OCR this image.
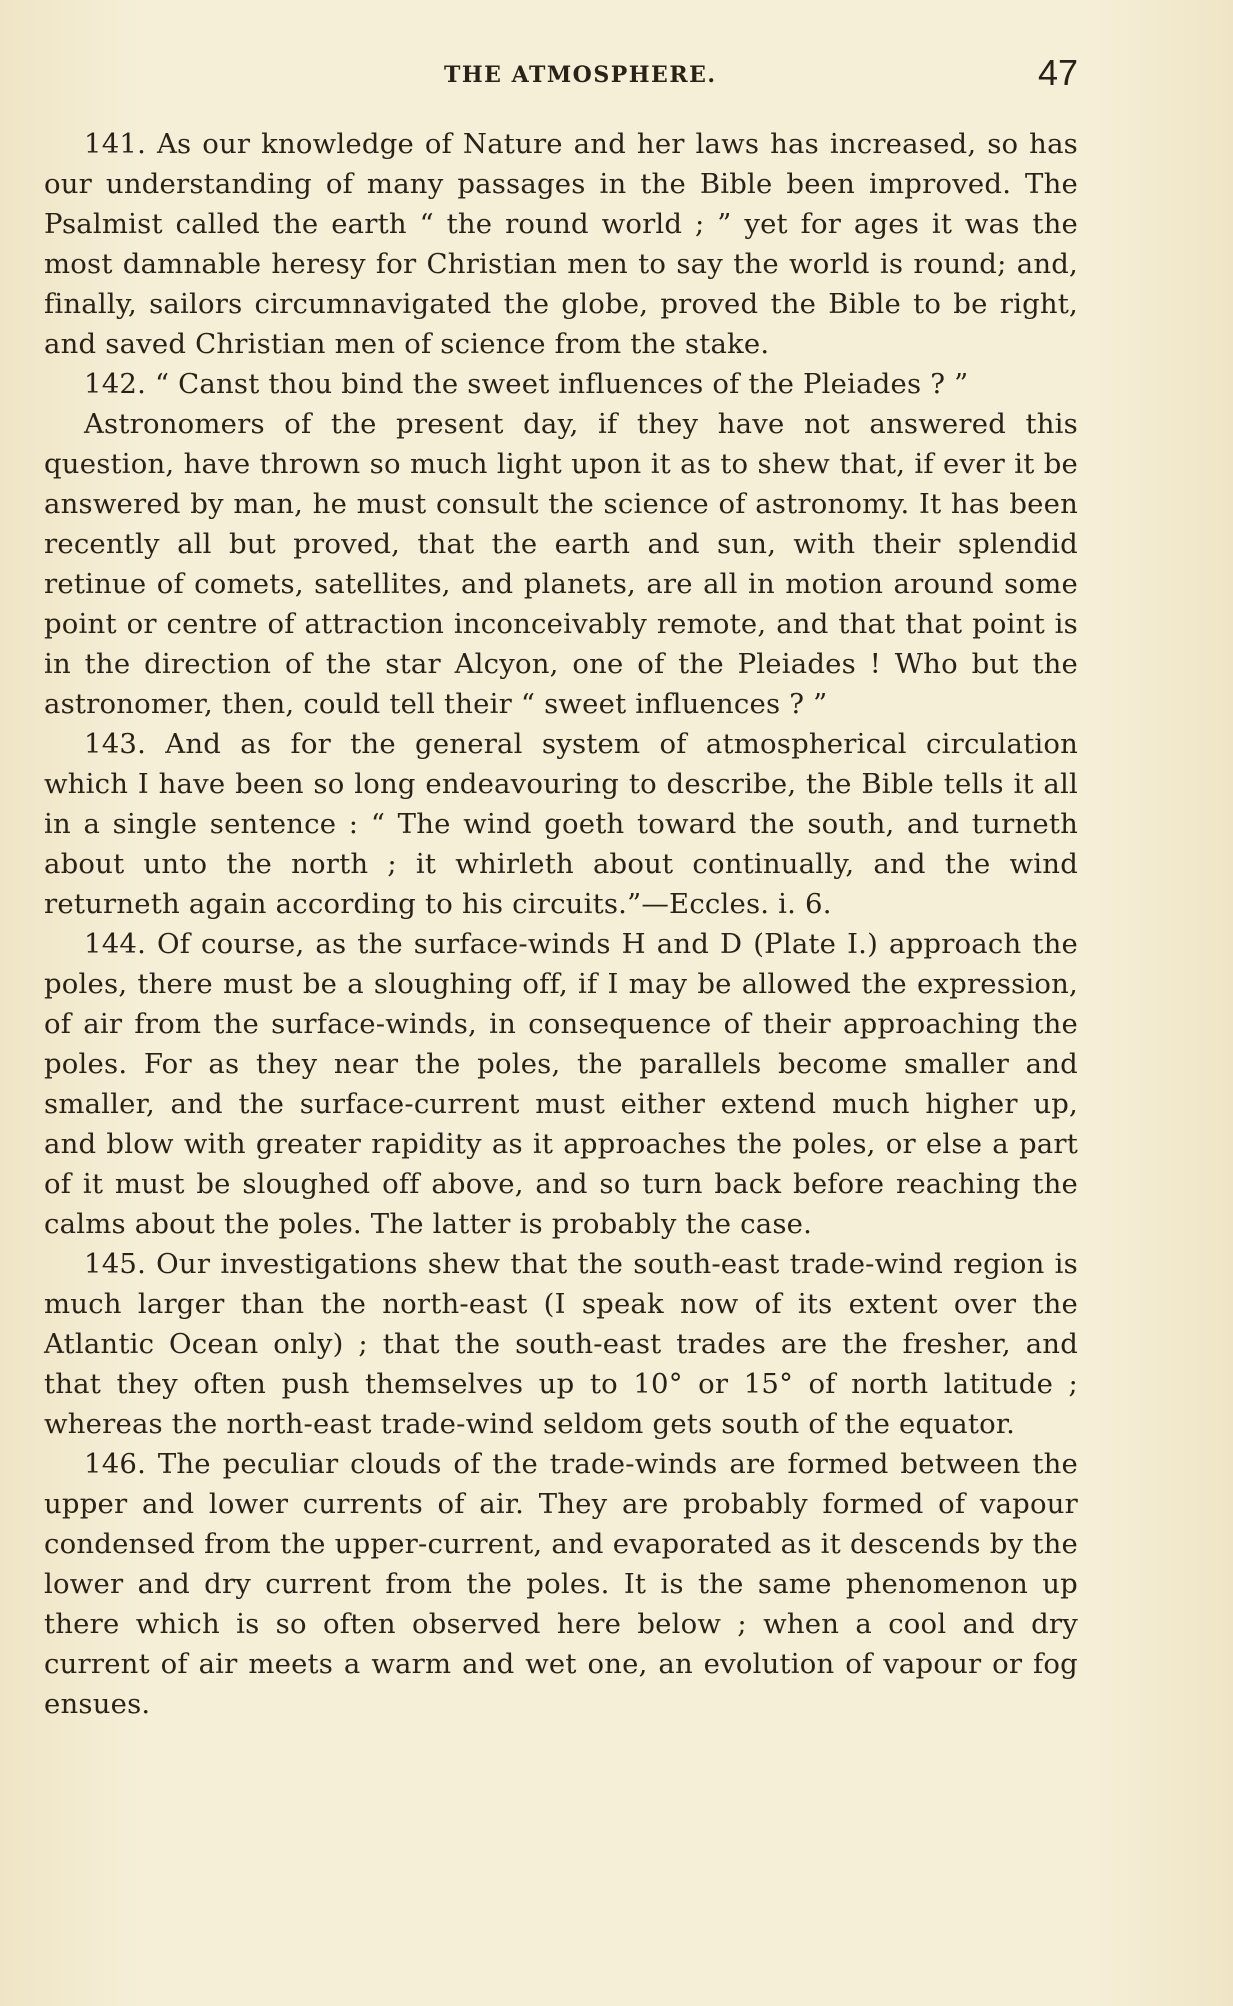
THE ATMOSPHERE.	47

141. As our knowledge of Nature and her laws has increased, so has our understanding of many passages in the Bible been improved. The Psalmist called the earth “ the round world ; ” yet for ages it was the most damnable heresy for Christian men to say the world is round; and, finally, sailors circumnavigated the globe, proved the Bible to be right, and saved Christian men of science from the stake.

142. “ Canst thou bind the sweet influences of the Pleiades ? ”

Astronomers of the present day, if they have not answered this question, have thrown so much light upon it as to shew that, if ever it be answered by man, he must consult the science of astronomy. It has been recently all but proved, that the earth and sun, with their splendid retinue of comets, satellites, and planets, are all in motion around some point or centre of attraction inconceivably remote, and that that point is in the direction of the star Alcyon, one of the Pleiades ! Who but the astronomer, then, could tell their “ sweet influences ? ”

143. And as for the general system of atmospherical circulation which I have been so long endeavouring to describe, the Bible tells it all in a single sentence : “ The wind goeth toward the south, and turneth about unto the north ; it whirleth about continually, and the wind returneth again according to his circuits.”—Eccles. i. 6.

144. Of course, as the surface-winds H and D (Plate I.) approach the poles, there must be a sloughing off, if I may be allowed the expression, of air from the surface-winds, in consequence of their approaching the poles. For as they near the poles, the parallels become smaller and smaller, and the surface-current must either extend much higher up, and blow with greater rapidity as it approaches the poles, or else a part of it must be sloughed off above, and so turn back before reaching the calms about the poles. The latter is probably the case.

145. Our investigations shew that the south-east trade-wind region is much larger than the north-east (I speak now of its extent over the Atlantic Ocean only) ; that the south-east trades are the fresher, and that they often push themselves up to 10° or 15° of north latitude ; whereas the north-east trade-wind seldom gets south of the equator.

146. The peculiar clouds of the trade-winds are formed between the upper and lower currents of air. They are probably formed of vapour condensed from the upper-current, and evaporated as it descends by the lower and dry current from the poles. It is the same phenomenon up there which is so often observed here below ; when a cool and dry current of air meets a warm and wet one, an evolution of vapour or fog ensues.
